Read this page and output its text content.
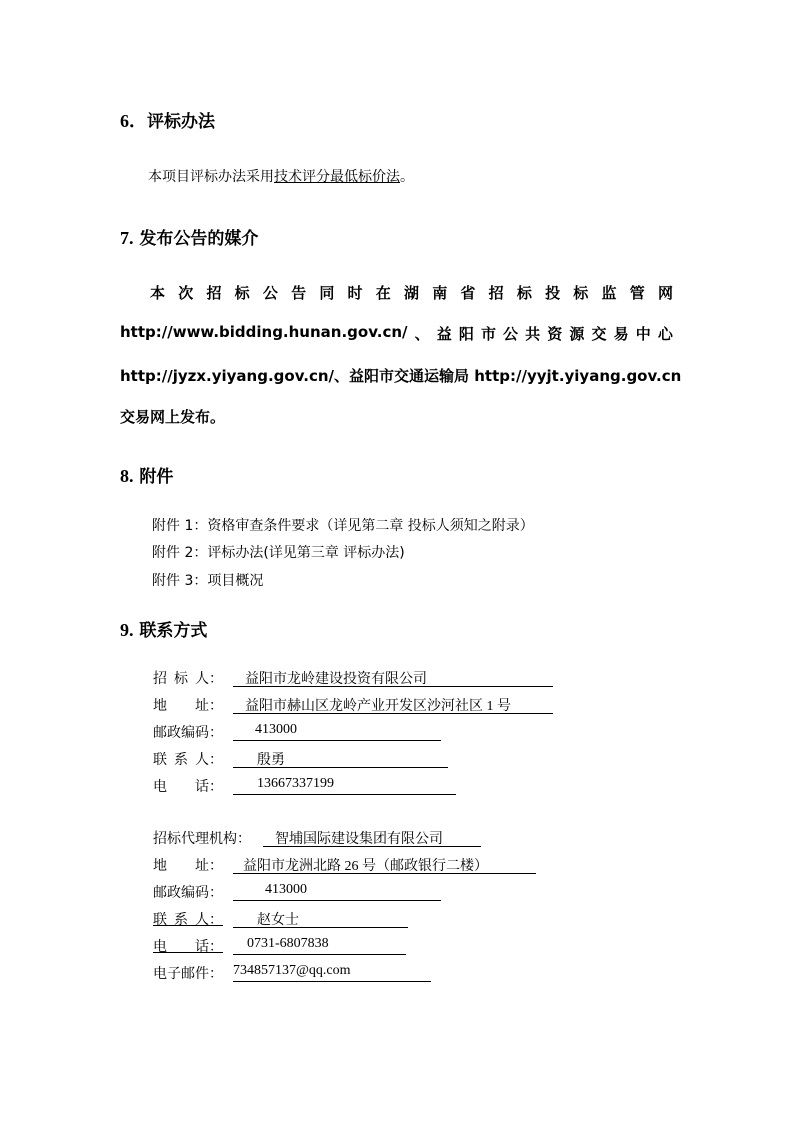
6．评标办法
本项目评标办法采用技术评分最低标价法。
7. 发布公告的媒介
本 次 招 标 公 告 同 时 在 湖 南 省 招 标 投 标 监 管 网
http://www.bidding.hunan.gov.cn/ 、 益 阳 市 公 共 资 源 交 易 中 心
http://jyzx.yiyang.gov.cn/、益阳市交通运输局 http://yyjt.yiyang.gov.cn
交易网上发布。
8. 附件
附件 1：资格审查条件要求（详见第二章 投标人须知之附录）
附件 2：评标办法(详见第三章 评标办法)
附件 3：项目概况
9. 联系方式
招  标  人：	益阳市龙岭建设投资有限公司
地        址：	益阳市赫山区龙岭产业开发区沙河社区 1 号
邮政编码：	413000
联  系  人：	殷勇
电        话：	13667337199
招标代理机构：	智埔国际建设集团有限公司
地        址：	益阳市龙洲北路 26 号（邮政银行二楼）
邮政编码：	413000
联  系  人：	赵女士
电        话：	0731-6807838
电子邮件： 734857137@qq.com
